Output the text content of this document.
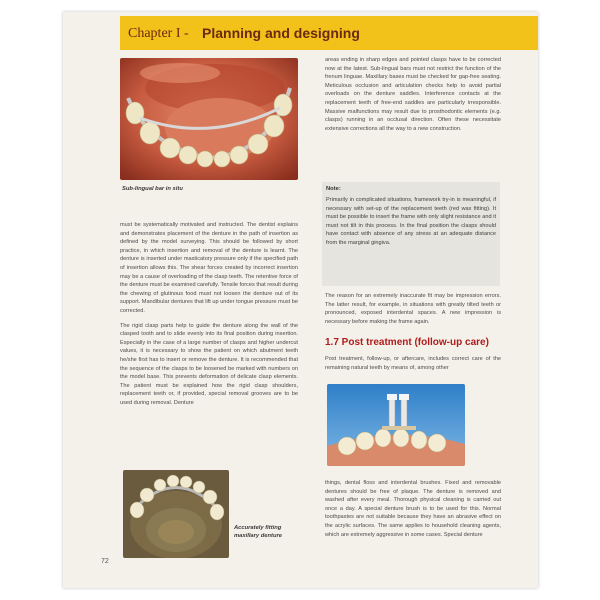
Chapter I - Planning and designing
Sub-lingual bar in situ

must be systematically motivated and instructed. The dentist explains and demonstrates placement of the denture in the path of insertion as defined by the model surveying. This should be followed by short practice, in which insertion and removal of the denture is learnt. The denture is inserted under masticatory pressure only if the specified path of insertion allows this. The shear forces created by incorrect insertion may be a cause of overloading of the clasp teeth. The retentive force of the denture must be examined carefully. Tensile forces that result during the chewing of glutinous food must not loosen the denture out of its support. Mandibular dentures that lift up under tongue pressure must be corrected.

The rigid clasp parts help to guide the denture along the wall of the clasped tooth and to slide evenly into its final position during insertion. Especially in the case of a large number of clasps and higher undercut values, it is necessary to show the patient on which abutment teeth he/she first has to insert or remove the denture. It is recommended that the sequence of the clasps to be loosened be marked with numbers on the model base. This prevents deformation of delicate clasp elements. The patient must be explained how the rigid clasp shoulders, replacement teeth or, if provided, special removal grooves are to be used during removal. Denture

Accurately fitting maxillary denture

areas ending in sharp edges and pointed clasps have to be corrected now at the latest. Sub-lingual bars must not restrict the function of the frenum linguae. Maxillary bases must be checked for gap-free seating. Meticulous occlusion and articulation checks help to avoid partial overloads on the denture saddles. Interference contacts at the replacement teeth of free-end saddles are particularly irresponsible. Massive malfunctions may result due to prosthodontic elements (e.g. clasps) running in an occlusal direction. Often these necessitate extensive corrections all the way to a new construction.

Note:
Primarily in complicated situations, framework try-in is meaningful, if necessary with set-up of the replacement teeth (red wax fitting). It must be possible to insert the frame with only slight resistance and it must not tilt in this process. In the final position the clasps should have contact with absence of any stress at an adequate distance from the marginal gingiva.

The reason for an extremely inaccurate fit may be impression errors. The latter result, for example, in situations with greatly tilted teeth or pronounced, exposed interdental spaces. A new impression is necessary before making the frame again.

1.7 Post treatment (follow-up care)

Post treatment, follow-up, or aftercare, includes correct care of the remaining natural teeth by means of, among other

things, dental floss and interdental brushes. Fixed and removable dentures should be free of plaque. The denture is removed and washed after every meal. Thorough physical cleaning is carried out once a day. A special denture brush is to be used for this. Normal toothpastes are not suitable because they have an abrasive effect on the acrylic surfaces. The same applies to household cleaning agents, which are extremely aggressive in some cases. Special denture

72
